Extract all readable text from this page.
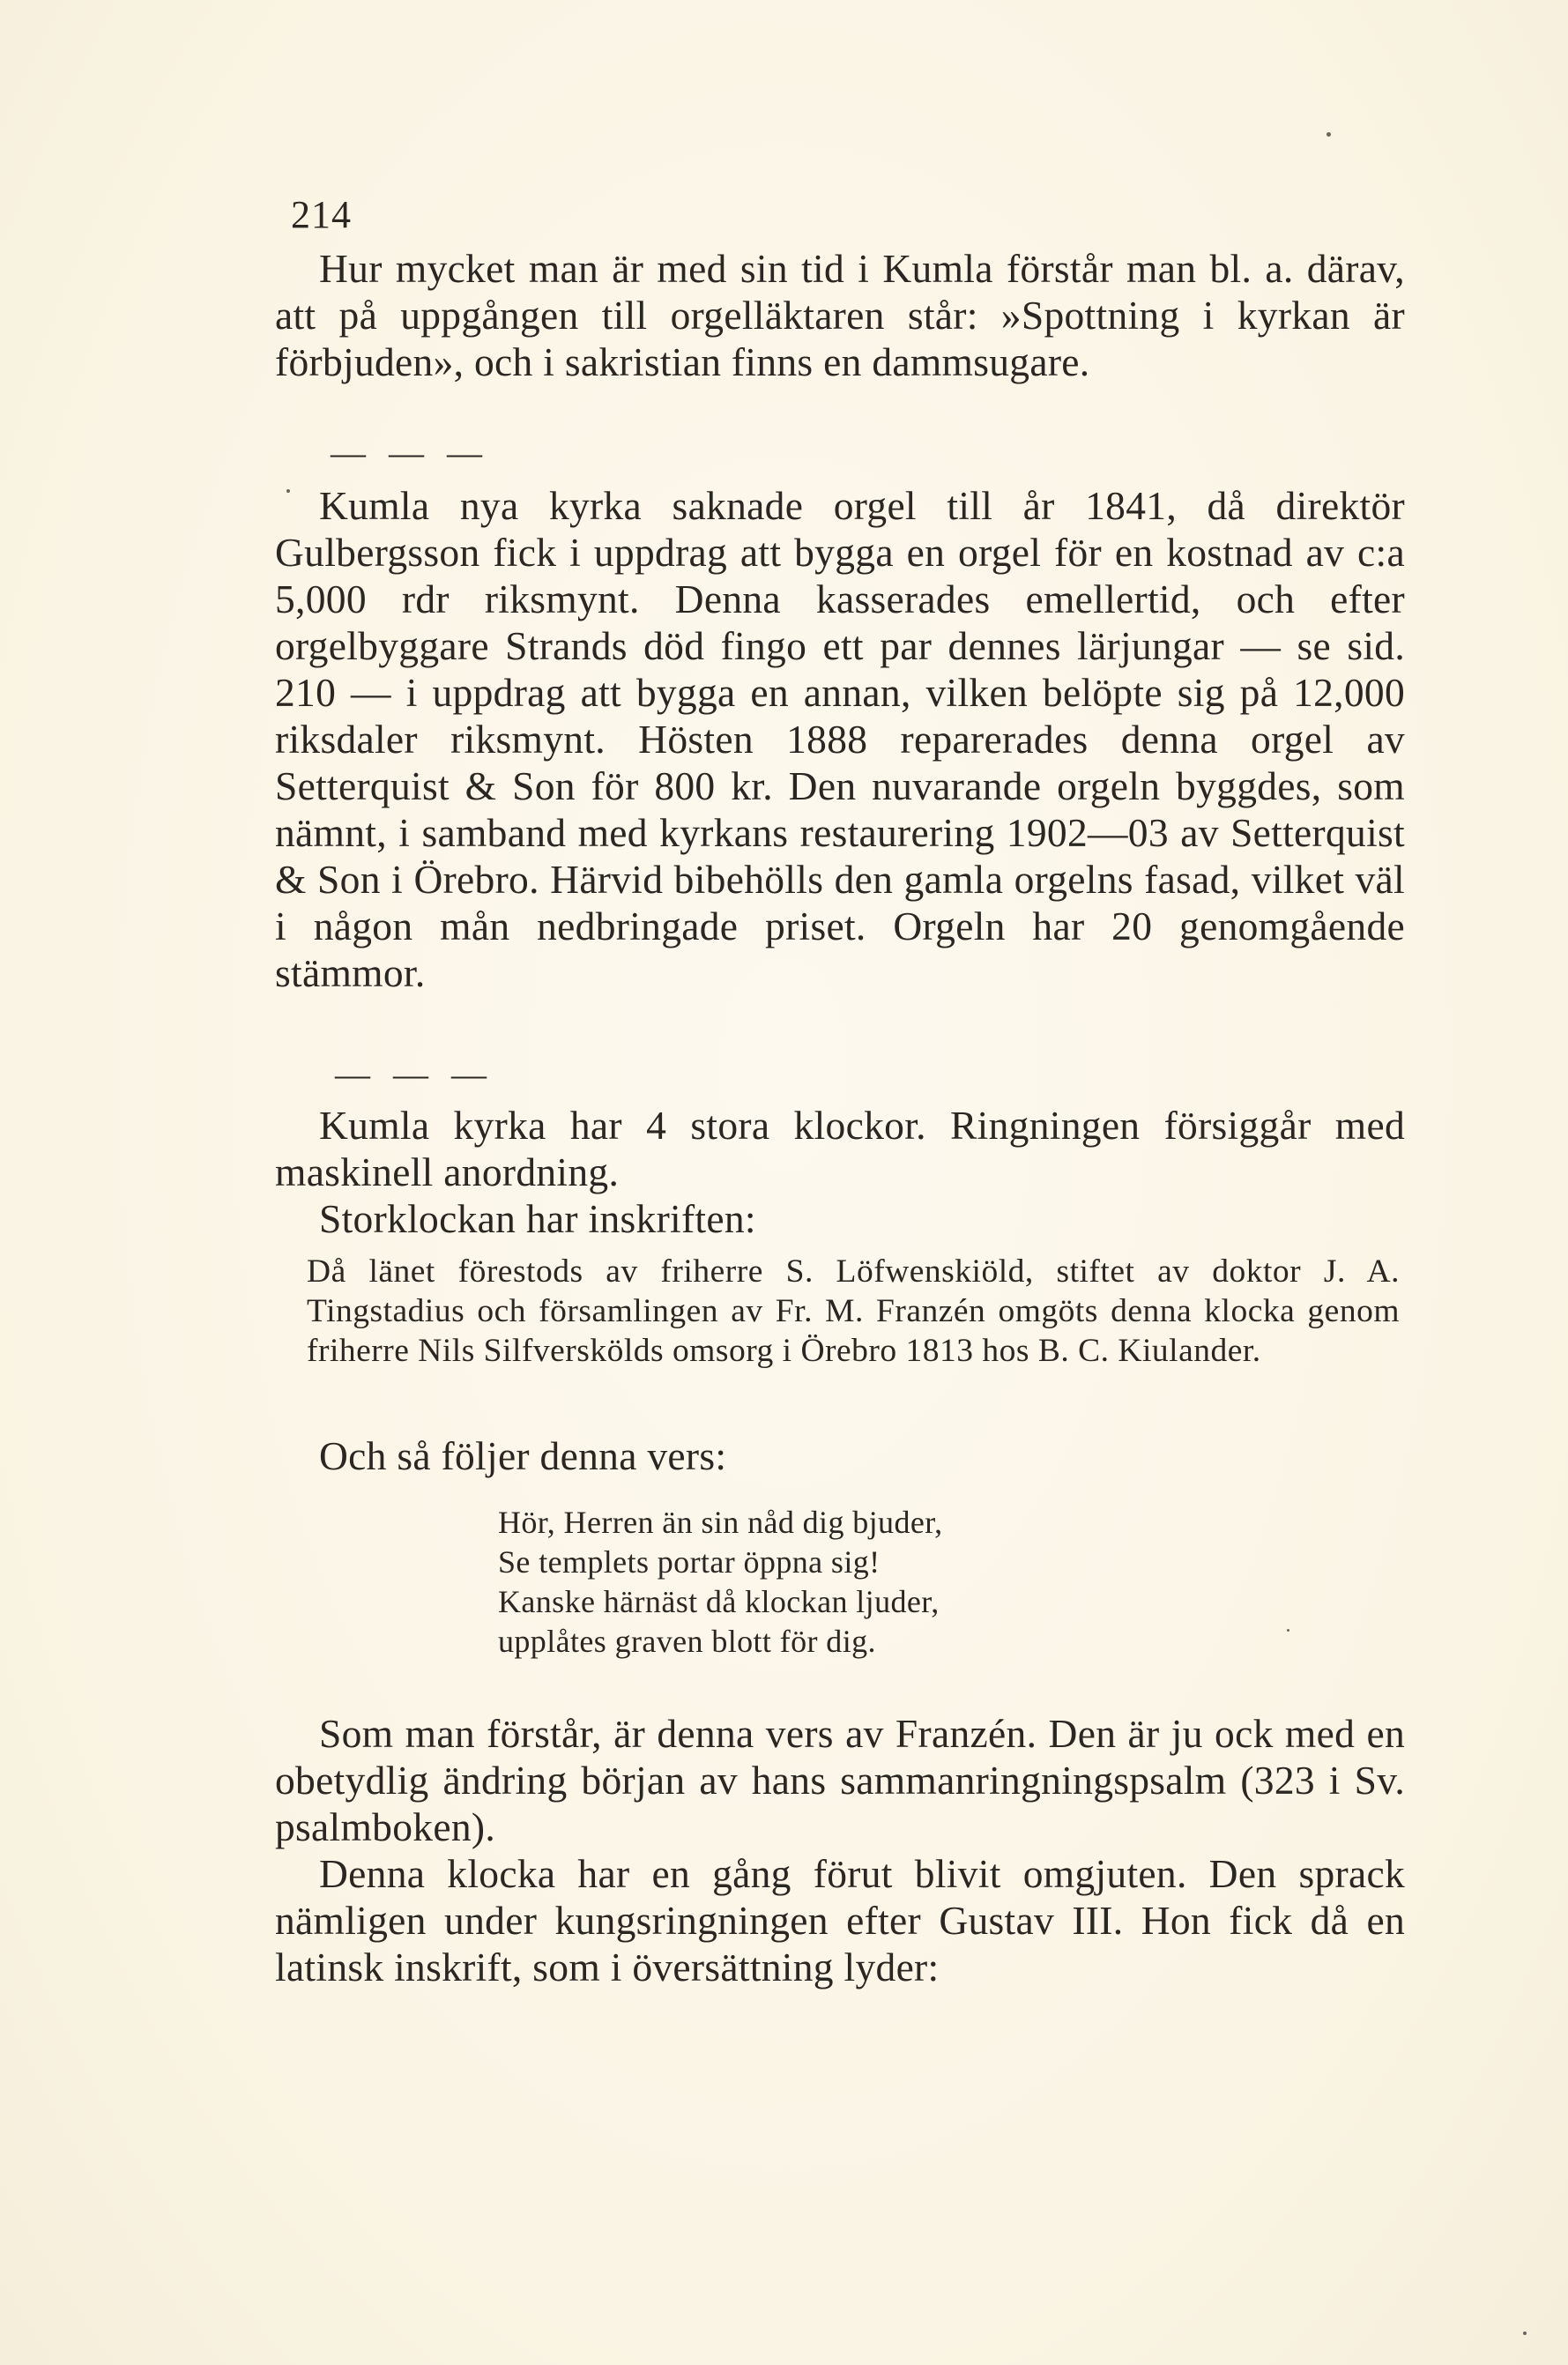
214

Hur mycket man är med sin tid i Kumla förstår man bl. a. därav, att på uppgången till orgelläktaren står: »Spottning i kyrkan är förbjuden», och i sakristian finns en dammsugare.

— — —

Kumla nya kyrka saknade orgel till år 1841, då direktör Gulbergsson fick i uppdrag att bygga en orgel för en kostnad av c:a 5,000 rdr riksmynt. Denna kasserades emellertid, och efter orgelbyggare Strands död fingo ett par dennes lärjungar — se sid. 210 — i uppdrag att bygga en annan, vilken belöpte sig på 12,000 riksdaler riksmynt. Hösten 1888 reparerades denna orgel av Setterquist & Son för 800 kr. Den nuvarande orgeln byggdes, som nämnt, i samband med kyrkans restaurering 1902—03 av Setterquist & Son i Örebro. Härvid bibehölls den gamla orgelns fasad, vilket väl i någon mån nedbringade priset. Orgeln har 20 genomgående stämmor.

— — —

Kumla kyrka har 4 stora klockor. Ringningen försiggår med maskinell anordning.

Storklockan har inskriften:

Då länet förestods av friherre S. Löfwenskiöld, stiftet av doktor J. A. Tingstadius och församlingen av Fr. M. Franzén omgöts denna klocka genom friherre Nils Silfverskölds omsorg i Örebro 1813 hos B. C. Kiulander.

Och så följer denna vers:

Hör, Herren än sin nåd dig bjuder,
Se templets portar öppna sig!
Kanske härnäst då klockan ljuder,
upplåtes graven blott för dig.

Som man förstår, är denna vers av Franzén. Den är ju ock med en obetydlig ändring början av hans sammanringningspsalm (323 i Sv. psalmboken).

Denna klocka har en gång förut blivit omgjuten. Den sprack nämligen under kungsringningen efter Gustav III. Hon fick då en latinsk inskrift, som i översättning lyder:
